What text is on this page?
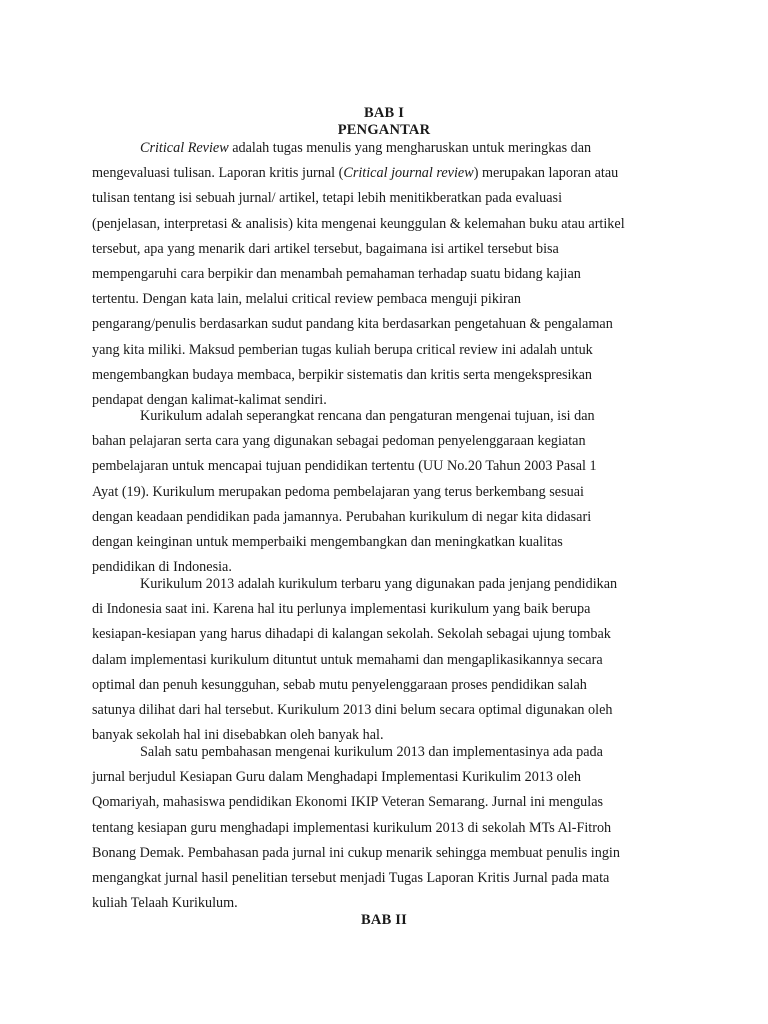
BAB I
PENGANTAR
Critical Review adalah tugas menulis yang mengharuskan untuk meringkas dan
mengevaluasi tulisan. Laporan kritis jurnal (Critical journal review) merupakan laporan atau
tulisan tentang isi sebuah jurnal/ artikel, tetapi lebih menitikberatkan pada evaluasi
(penjelasan, interpretasi & analisis) kita mengenai keunggulan & kelemahan buku atau artikel
tersebut, apa yang menarik dari artikel tersebut, bagaimana isi artikel tersebut bisa
mempengaruhi cara berpikir dan menambah pemahaman terhadap suatu bidang kajian
tertentu. Dengan kata lain, melalui critical review pembaca menguji pikiran
pengarang/penulis berdasarkan sudut pandang kita berdasarkan pengetahuan & pengalaman
yang kita miliki. Maksud pemberian tugas kuliah berupa critical review ini adalah untuk
mengembangkan budaya membaca, berpikir sistematis dan kritis serta mengekspresikan
pendapat dengan kalimat-kalimat sendiri.
Kurikulum adalah seperangkat rencana dan pengaturan mengenai tujuan, isi dan
bahan pelajaran serta cara yang digunakan sebagai pedoman penyelenggaraan kegiatan
pembelajaran untuk mencapai tujuan pendidikan tertentu (UU No.20 Tahun 2003 Pasal 1
Ayat (19). Kurikulum merupakan pedoma pembelajaran yang terus berkembang sesuai
dengan keadaan pendidikan pada jamannya. Perubahan kurikulum di negar kita didasari
dengan keinginan untuk memperbaiki mengembangkan dan meningkatkan kualitas
pendidikan di Indonesia.
Kurikulum 2013 adalah kurikulum terbaru yang digunakan pada jenjang pendidikan
di Indonesia saat ini. Karena hal itu perlunya implementasi kurikulum yang baik berupa
kesiapan-kesiapan yang harus dihadapi di kalangan sekolah. Sekolah sebagai ujung tombak
dalam implementasi kurikulum dituntut untuk memahami dan mengaplikasikannya secara
optimal dan penuh kesungguhan, sebab mutu penyelenggaraan proses pendidikan salah
satunya dilihat dari hal tersebut. Kurikulum 2013 dini belum secara optimal digunakan oleh
banyak sekolah hal ini disebabkan oleh banyak hal.
Salah satu pembahasan mengenai kurikulum 2013 dan implementasinya ada pada
jurnal berjudul Kesiapan Guru dalam Menghadapi Implementasi Kurikulim 2013 oleh
Qomariyah, mahasiswa pendidikan Ekonomi IKIP Veteran Semarang. Jurnal ini mengulas
tentang kesiapan guru menghadapi implementasi kurikulum 2013 di sekolah MTs Al-Fitroh
Bonang Demak. Pembahasan pada jurnal ini cukup menarik sehingga membuat penulis ingin
mengangkat jurnal hasil penelitian tersebut menjadi Tugas Laporan Kritis Jurnal pada mata
kuliah Telaah Kurikulum.
BAB II
